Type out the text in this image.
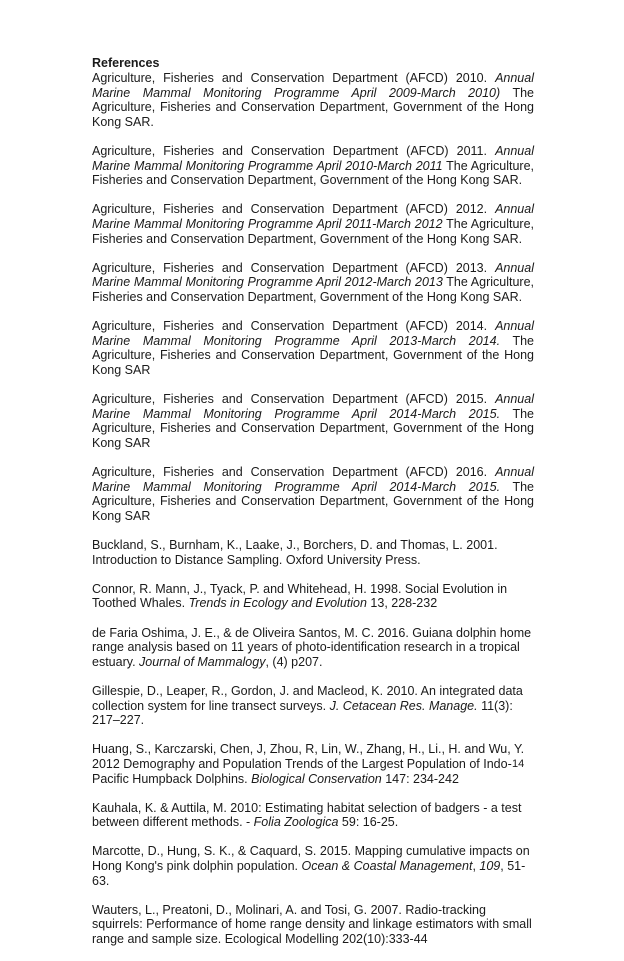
References

Agriculture, Fisheries and Conservation Department (AFCD) 2010. Annual Marine Mammal Monitoring Programme April 2009-March 2010) The Agriculture, Fisheries and Conservation Department, Government of the Hong Kong SAR.

Agriculture, Fisheries and Conservation Department (AFCD) 2011. Annual Marine Mammal Monitoring Programme April 2010-March 2011 The Agriculture, Fisheries and Conservation Department, Government of the Hong Kong SAR.

Agriculture, Fisheries and Conservation Department (AFCD) 2012. Annual Marine Mammal Monitoring Programme April 2011-March 2012 The Agriculture, Fisheries and Conservation Department, Government of the Hong Kong SAR.

Agriculture, Fisheries and Conservation Department (AFCD) 2013. Annual Marine Mammal Monitoring Programme April 2012-March 2013 The Agriculture, Fisheries and Conservation Department, Government of the Hong Kong SAR.

Agriculture, Fisheries and Conservation Department (AFCD) 2014. Annual Marine Mammal Monitoring Programme April 2013-March 2014. The Agriculture, Fisheries and Conservation Department, Government of the Hong Kong SAR

Agriculture, Fisheries and Conservation Department (AFCD) 2015. Annual Marine Mammal Monitoring Programme April 2014-March 2015. The Agriculture, Fisheries and Conservation Department, Government of the Hong Kong SAR

Agriculture, Fisheries and Conservation Department (AFCD) 2016. Annual Marine Mammal Monitoring Programme April 2014-March 2015. The Agriculture, Fisheries and Conservation Department, Government of the Hong Kong SAR

Buckland, S., Burnham, K., Laake, J., Borchers, D. and Thomas, L. 2001. Introduction to Distance Sampling. Oxford University Press.

Connor, R. Mann, J., Tyack, P. and Whitehead, H. 1998. Social Evolution in Toothed Whales. Trends in Ecology and Evolution 13, 228-232

de Faria Oshima, J. E., & de Oliveira Santos, M. C. 2016. Guiana dolphin home range analysis based on 11 years of photo-identification research in a tropical estuary. Journal of Mammalogy, (4) p207.

Gillespie, D., Leaper, R., Gordon, J. and Macleod, K. 2010. An integrated data collection system for line transect surveys. J. Cetacean Res. Manage. 11(3): 217–227.

Huang, S., Karczarski, Chen, J, Zhou, R, Lin, W., Zhang, H., Li., H. and Wu, Y. 2012 Demography and Population Trends of the Largest Population of Indo-Pacific Humpback Dolphins. Biological Conservation 147: 234-242

Kauhala, K. & Auttila, M. 2010: Estimating habitat selection of badgers - a test between different methods. - Folia Zoologica 59: 16-25.

Marcotte, D., Hung, S. K., & Caquard, S. 2015. Mapping cumulative impacts on Hong Kong's pink dolphin population. Ocean & Coastal Management, 109, 51-63.

Wauters, L., Preatoni, D., Molinari, A. and Tosi, G. 2007. Radio-tracking squirrels: Performance of home range density and linkage estimators with small range and sample size. Ecological Modelling 202(10):333-44

14
